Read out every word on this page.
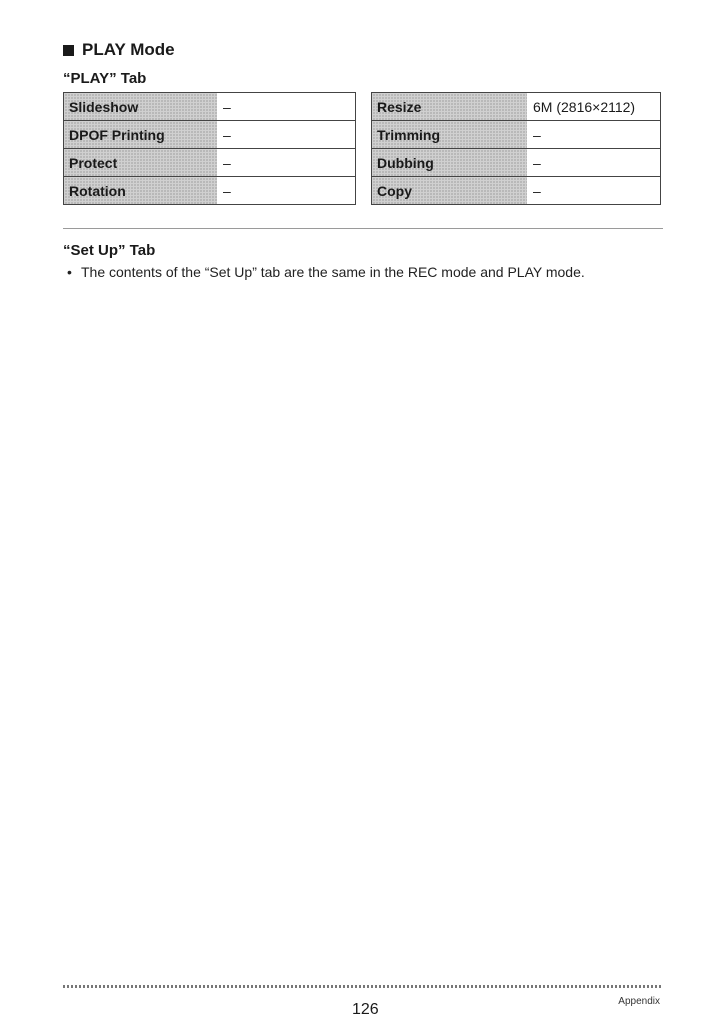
PLAY Mode
“PLAY” Tab
Slideshow	–
DPOF Printing	–
Protect	–
Rotation	–
Resize	6M (2816×2112)
Trimming	–
Dubbing	–
Copy	–
“Set Up” Tab
• The contents of the “Set Up” tab are the same in the REC mode and PLAY mode.
126	Appendix
